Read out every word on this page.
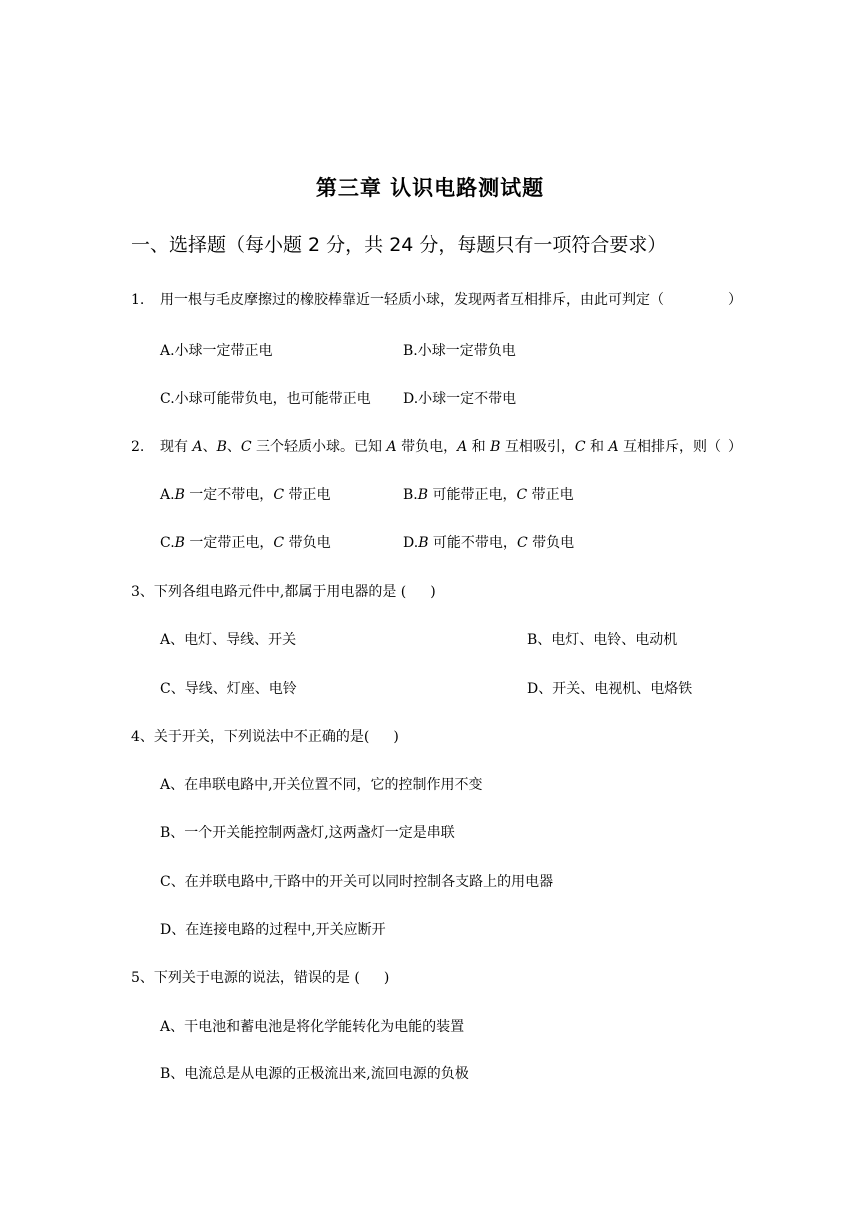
第三章 认识电路测试题
一、选择题（每小题 2 分，共 24 分，每题只有一项符合要求）
1. 用一根与毛皮摩擦过的橡胶棒靠近一轻质小球，发现两者互相排斥，由此可判定（	）
A.小球一定带正电	B.小球一定带负电
C.小球可能带负电，也可能带正电 D.小球一定不带电
2. 现有 A、B、C 三个轻质小球。已知 A 带负电，A 和 B 互相吸引，C 和 A 互相排斥，则（ ）
A.B 一定不带电，C 带正电	B.B 可能带正电，C 带正电
C.B 一定带正电，C 带负电	D.B 可能不带电，C 带负电
3、下列各组电路元件中,都属于用电器的是 ( )
A、电灯、导线、开关	B、电灯、电铃、电动机
C、导线、灯座、电铃	D、开关、电视机、电烙铁
4、关于开关，下列说法中不正确的是( )
A、在串联电路中,开关位置不同，它的控制作用不变
B、一个开关能控制两盏灯,这两盏灯一定是串联
C、在并联电路中,干路中的开关可以同时控制各支路上的用电器
D、在连接电路的过程中,开关应断开
5、下列关于电源的说法，错误的是 ( )
A、干电池和蓄电池是将化学能转化为电能的装置
B、电流总是从电源的正极流出来,流回电源的负极
